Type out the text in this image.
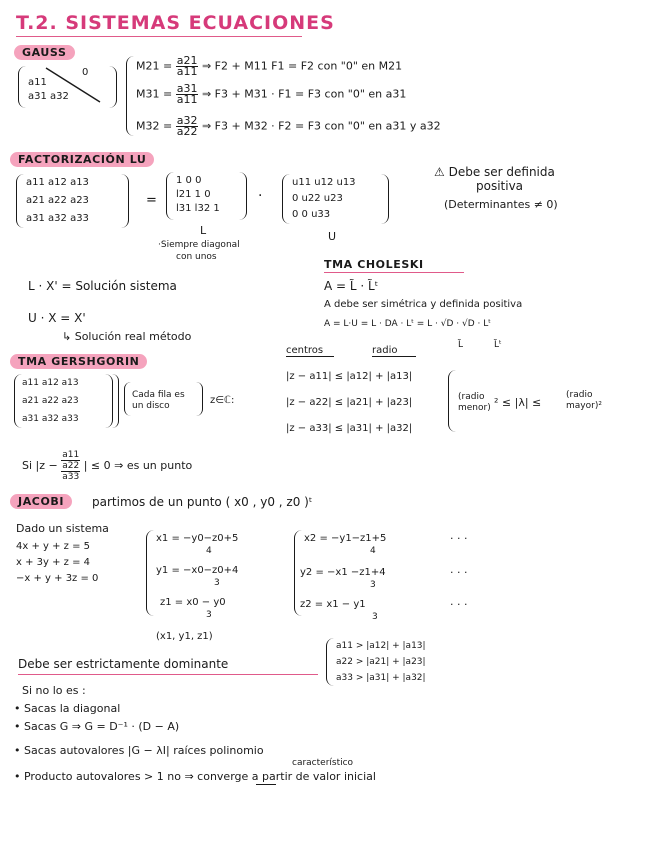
T.2. SISTEMAS ECUACIONES
GAUSS
a11
0
a31 a32
$M21 = \frac{a21}{a11}$ ⇒ F2 + M11 F1 = F2 con "0" en M21
$M31 = \frac{a31}{a11}$ ⇒ F3 + M31 · F1 = F3 con "0" en a31
$M32 = \frac{a32}{a22}$ ⇒ F3 + M32 · F2 = F3 con "0" en a31 y a32
FACTORIZACIÓN LU
a11 a12 a13
a21 a22 a23
a31 a32 a33
=
1 0 0
l21 1 0
l31 l32 1
L
·
u11 u12 u13
0 u22 u23
0 0 u33
U
·Siempre diagonal
con unos
⚠ Debe ser definida
positiva
(Determinantes ≠ 0)
L · X' = Solución sistema
U · X = X'
↳ Solución real método
TMA CHOLESKI
A = L̃ · L̃ᵗ
A debe ser simétrica y definida positiva
A = L·U = L · DA · Lᵗ = L · √D · √D · Lᵗ
L̃	L̃ᵗ
TMA GERSHGORIN
a11 a12 a13
a21 a22 a23
a31 a32 a33
Cada fila es
un disco	z∈ℂ:
centros	radio
|z − a11| ≤ |a12| + |a13|
|z − a22| ≤ |a21| + |a23|
|z − a33| ≤ |a31| + |a32|
(radio
menor) ² ≤ |λ| ≤
(radio
mayor)²
Si |z −
a11
a22
a33
| ≤ 0 ⇒ es un punto
JACOBI	partimos de un punto ( x0 , y0 , z0 )ᵗ
Dado un sistema
4x + y + z = 5
x + 3y + z = 4
−x + y + 3z = 0
x1 = −y0−z0+5
4
y1 = −x0−z0+4
3
z1 = x0 − y0
3
x2 = −y1−z1+5
4
y2 = −x1 −z1+4
3
z2 = x1 − y1
3
· · ·
· · ·
· · ·
(x1, y1, z1)
Debe ser estrictamente dominante
a11 > |a12| + |a13|
a22 > |a21| + |a23|
a33 > |a31| + |a32|
Si no lo es :
• Sacas la diagonal
• Sacas G ⇒ G = D⁻¹ · (D − A)
• Sacas autovalores |G − λI| raíces polinomio
característico
• Producto autovalores > 1 no ⇒ converge a partir de valor inicial
